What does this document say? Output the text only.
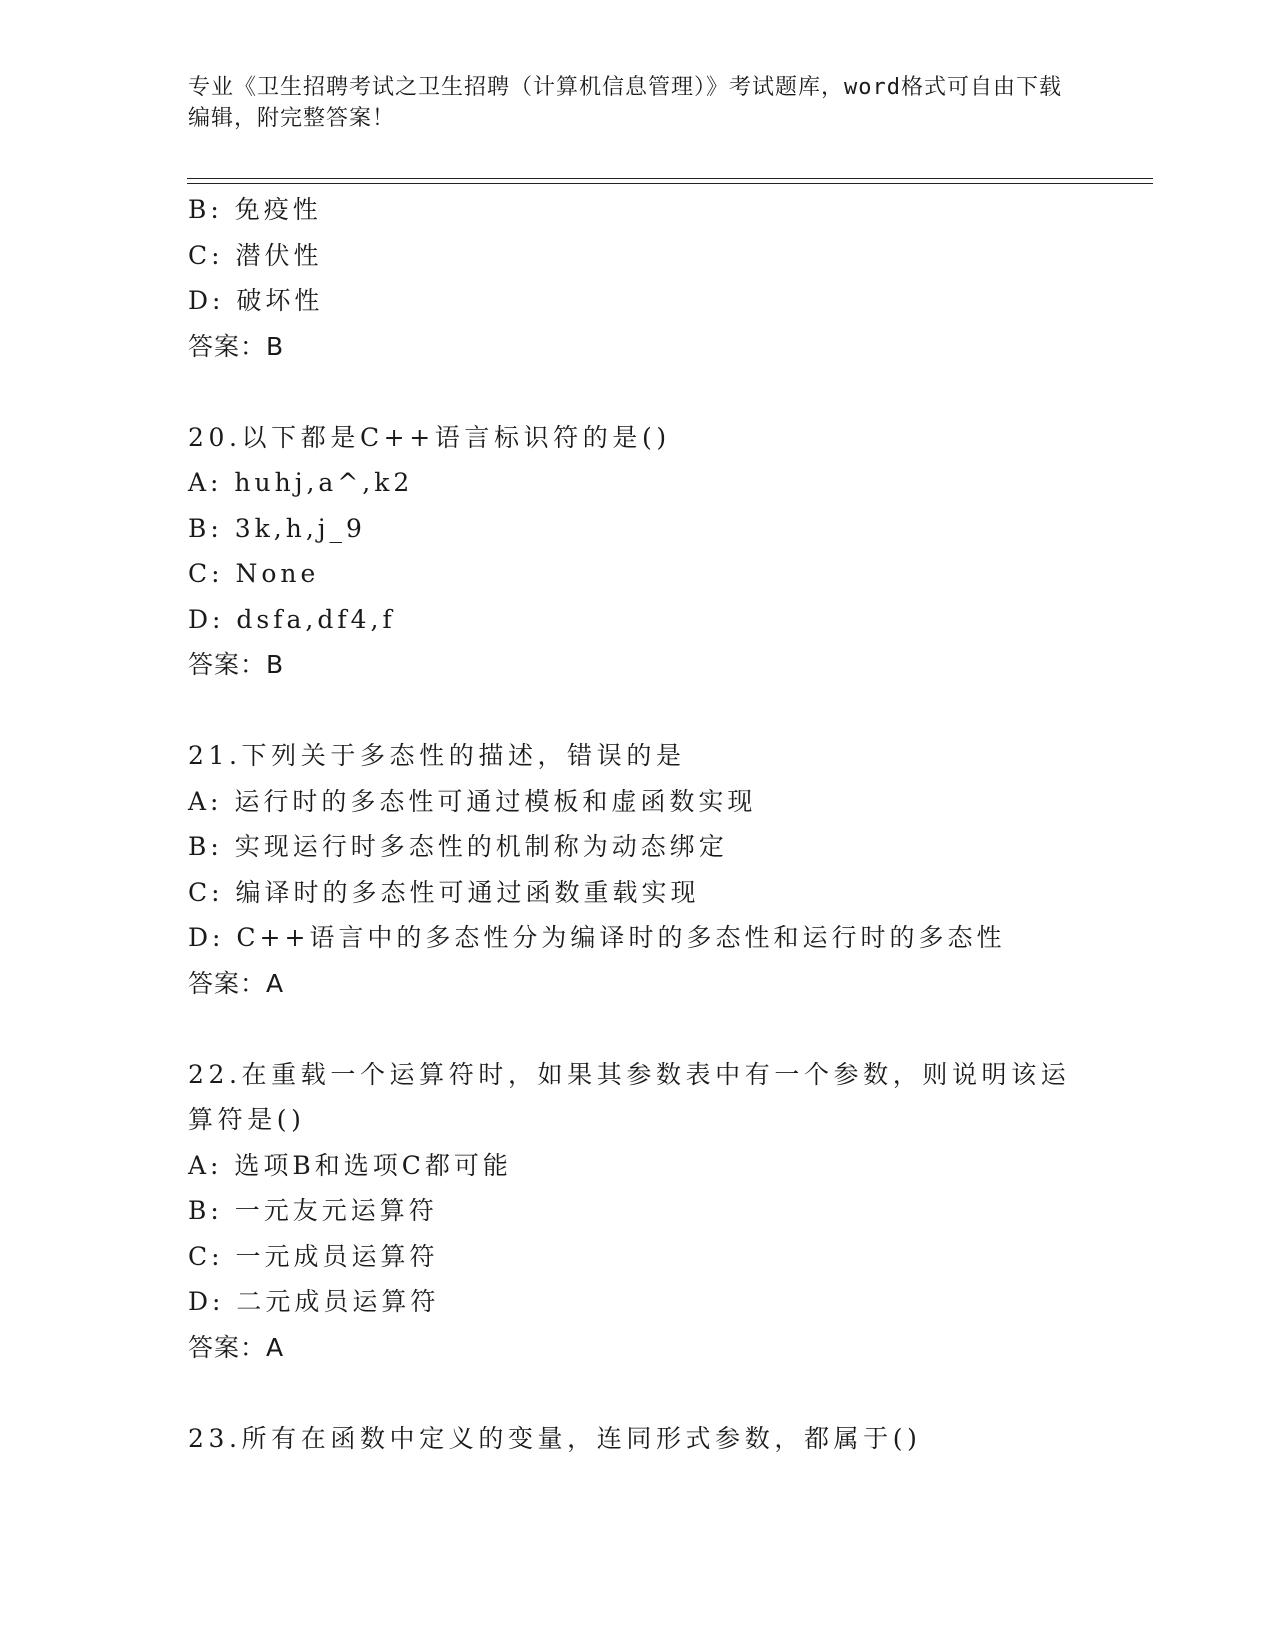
专业《卫生招聘考试之卫生招聘（计算机信息管理）》考试题库，word格式可自由下载编辑，附完整答案！
B: 免疫性
C: 潜伏性
D: 破坏性
答案：B
20.以下都是C++语言标识符的是()
A: huhj,a^,k2
B: 3k,h,j_9
C: None
D: dsfa,df4,f
答案：B
21.下列关于多态性的描述，错误的是
A: 运行时的多态性可通过模板和虚函数实现
B: 实现运行时多态性的机制称为动态绑定
C: 编译时的多态性可通过函数重载实现
D: C++语言中的多态性分为编译时的多态性和运行时的多态性
答案：A
22.在重载一个运算符时，如果其参数表中有一个参数，则说明该运算符是()
A: 选项B和选项C都可能
B: 一元友元运算符
C: 一元成员运算符
D: 二元成员运算符
答案：A
23.所有在函数中定义的变量，连同形式参数，都属于()
